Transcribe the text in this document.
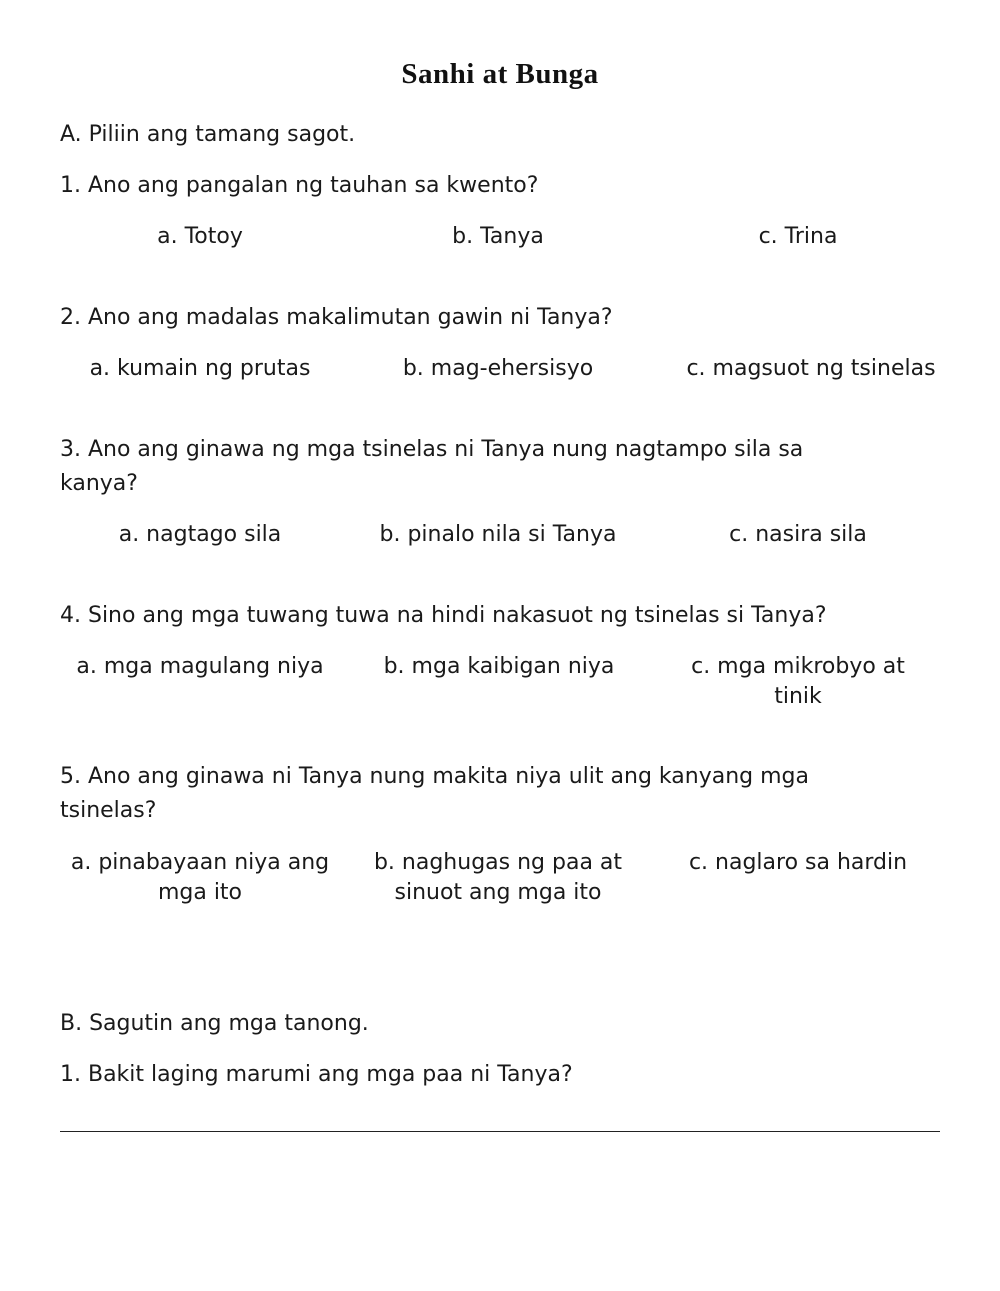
Sanhi at Bunga
A. Piliin ang tamang sagot.
1. Ano ang pangalan ng tauhan sa kwento?
a. Totoy	b. Tanya	c. Trina
2. Ano ang madalas makalimutan gawin ni Tanya?
a. kumain ng prutas	b. mag-ehersisyo	c. magsuot ng tsinelas
3. Ano ang ginawa ng mga tsinelas ni Tanya nung nagtampo sila sa
kanya?
a. nagtago sila	b. pinalo nila si Tanya	c. nasira sila
4. Sino ang mga tuwang tuwa na hindi nakasuot ng tsinelas si Tanya?
a. mga magulang niya	b. mga kaibigan niya	c. mga mikrobyo at tinik
5. Ano ang ginawa ni Tanya nung makita niya ulit ang kanyang mga
tsinelas?
a. pinabayaan niya ang mga ito
b. naghugas ng paa at sinuot ang mga ito
c. naglaro sa hardin
B. Sagutin ang mga tanong.
1. Bakit laging marumi ang mga paa ni Tanya?
